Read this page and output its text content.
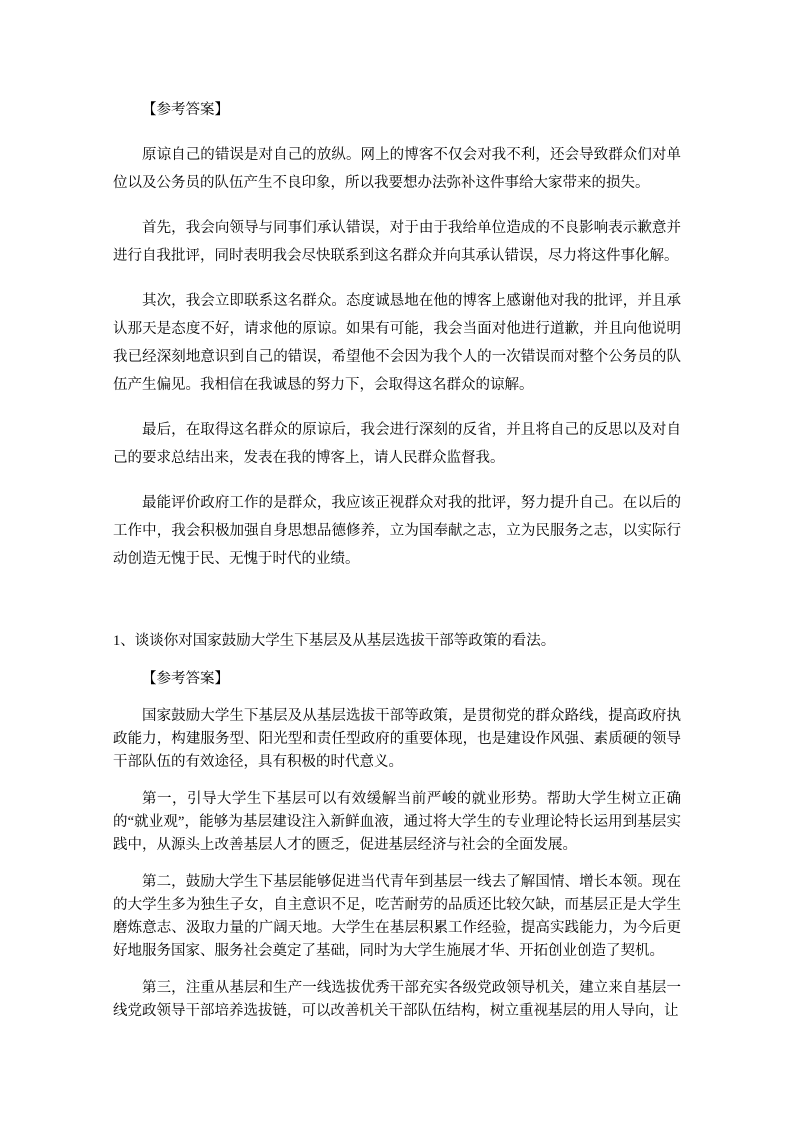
【参考答案】

原谅自己的错误是对自己的放纵。网上的博客不仅会对我不利，还会导致群众们对单位以及公务员的队伍产生不良印象，所以我要想办法弥补这件事给大家带来的损失。

首先，我会向领导与同事们承认错误，对于由于我给单位造成的不良影响表示歉意并进行自我批评，同时表明我会尽快联系到这名群众并向其承认错误，尽力将这件事化解。

其次，我会立即联系这名群众。态度诚恳地在他的博客上感谢他对我的批评，并且承认那天是态度不好，请求他的原谅。如果有可能，我会当面对他进行道歉，并且向他说明我已经深刻地意识到自己的错误，希望他不会因为我个人的一次错误而对整个公务员的队伍产生偏见。我相信在我诚恳的努力下，会取得这名群众的谅解。

最后，在取得这名群众的原谅后，我会进行深刻的反省，并且将自己的反思以及对自己的要求总结出来，发表在我的博客上，请人民群众监督我。

最能评价政府工作的是群众，我应该正视群众对我的批评，努力提升自己。在以后的工作中，我会积极加强自身思想品德修养，立为国奉献之志，立为民服务之志，以实际行动创造无愧于民、无愧于时代的业绩。

1、谈谈你对国家鼓励大学生下基层及从基层选拔干部等政策的看法。

【参考答案】

国家鼓励大学生下基层及从基层选拔干部等政策，是贯彻党的群众路线，提高政府执政能力，构建服务型、阳光型和责任型政府的重要体现，也是建设作风强、素质硬的领导干部队伍的有效途径，具有积极的时代意义。

第一，引导大学生下基层可以有效缓解当前严峻的就业形势。帮助大学生树立正确的“就业观”，能够为基层建设注入新鲜血液，通过将大学生的专业理论特长运用到基层实践中，从源头上改善基层人才的匮乏，促进基层经济与社会的全面发展。

第二，鼓励大学生下基层能够促进当代青年到基层一线去了解国情、增长本领。现在的大学生多为独生子女，自主意识不足，吃苦耐劳的品质还比较欠缺，而基层正是大学生磨炼意志、汲取力量的广阔天地。大学生在基层积累工作经验，提高实践能力，为今后更好地服务国家、服务社会奠定了基础，同时为大学生施展才华、开拓创业创造了契机。

第三，注重从基层和生产一线选拔优秀干部充实各级党政领导机关，建立来自基层一线党政领导干部培养选拔链，可以改善机关干部队伍结构，树立重视基层的用人导向，让
